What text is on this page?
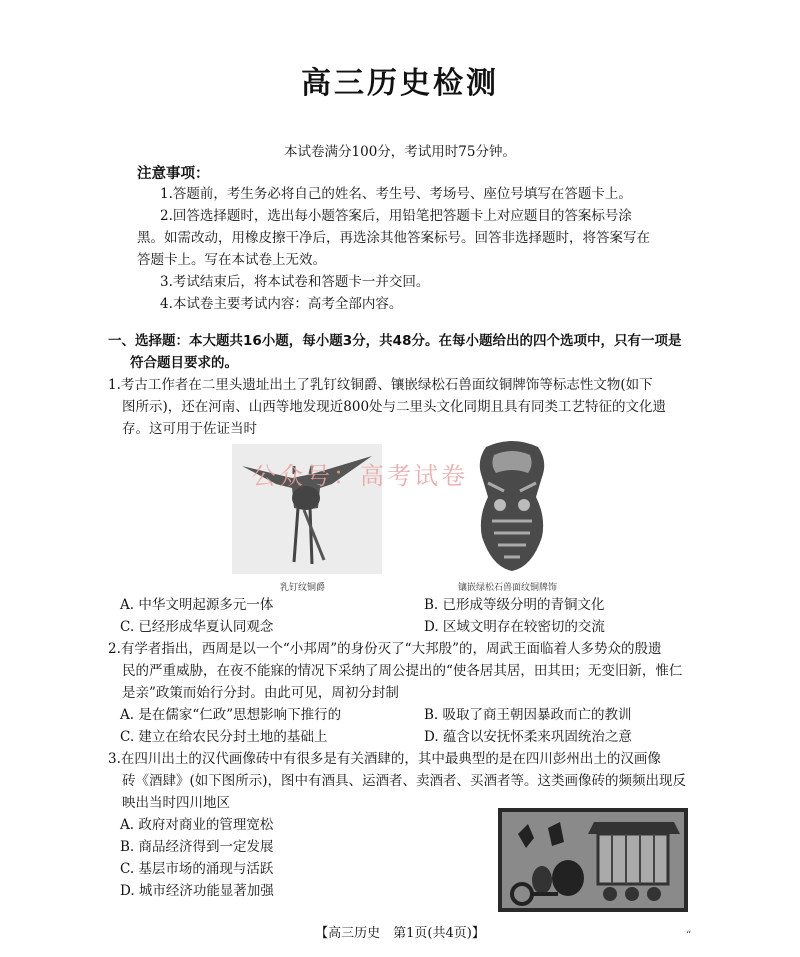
高三历史检测
本试卷满分100分，考试用时75分钟。
注意事项：
1.答题前，考生务必将自己的姓名、考生号、考场号、座位号填写在答题卡上。
2.回答选择题时，选出每小题答案后，用铅笔把答题卡上对应题目的答案标号涂
黑。如需改动，用橡皮擦干净后，再选涂其他答案标号。回答非选择题时，将答案写在
答题卡上。写在本试卷上无效。
3.考试结束后，将本试卷和答题卡一并交回。
4.本试卷主要考试内容：高考全部内容。
一、选择题：本大题共16小题，每小题3分，共48分。在每小题给出的四个选项中，只有一项是
符合题目要求的。
1.考古工作者在二里头遗址出土了乳钉纹铜爵、镶嵌绿松石兽面纹铜牌饰等标志性文物(如下
图所示)，还在河南、山西等地发现近800处与二里头文化同期且具有同类工艺特征的文化遗
存。这可用于佐证当时
乳钉纹铜爵	镶嵌绿松石兽面纹铜牌饰
公众号：高考试卷
A. 中华文明起源多元一体	B. 已形成等级分明的青铜文化
C. 已经形成华夏认同观念	D. 区域文明存在较密切的交流
2.有学者指出，西周是以一个“小邦周”的身份灭了“大邦殷”的，周武王面临着人多势众的殷遗
民的严重威胁，在夜不能寐的情况下采纳了周公提出的“使各居其居，田其田；无变旧新，惟仁
是亲”政策而始行分封。由此可见，周初分封制
A. 是在儒家“仁政”思想影响下推行的	B. 吸取了商王朝因暴政而亡的教训
C. 建立在给农民分封土地的基础上	D. 蕴含以安抚怀柔来巩固统治之意
3.在四川出土的汉代画像砖中有很多是有关酒肆的，其中最典型的是在四川彭州出土的汉画像
砖《酒肆》(如下图所示)，图中有酒具、运酒者、卖酒者、买酒者等。这类画像砖的频频出现反
映出当时四川地区
A. 政府对商业的管理宽松
B. 商品经济得到一定发展
C. 基层市场的涌现与活跃
D. 城市经济功能显著加强
【高三历史　第1页(共4页)】	“
